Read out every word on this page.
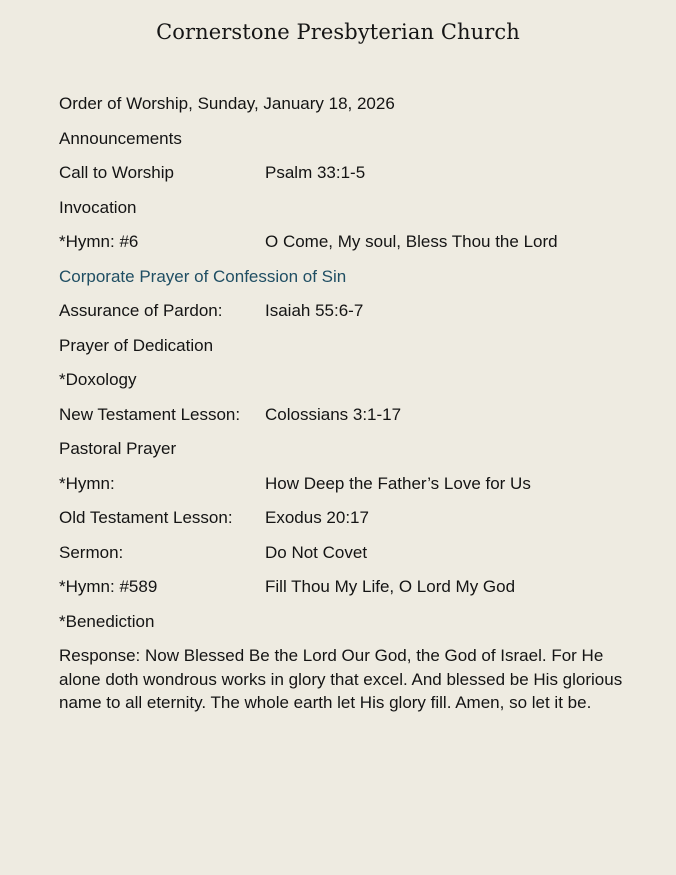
Cornerstone Presbyterian Church
Order of Worship, Sunday, January 18, 2026
Announcements
Call to Worship	Psalm 33:1-5
Invocation
*Hymn: #6	O Come, My soul, Bless Thou the Lord
Corporate Prayer of Confession of Sin
Assurance of Pardon:	Isaiah 55:6-7
Prayer of Dedication
*Doxology
New Testament Lesson: Colossians 3:1-17
Pastoral Prayer
*Hymn:	How Deep the Father’s Love for Us
Old Testament Lesson: Exodus 20:17
Sermon:	Do Not Covet
*Hymn: #589	Fill Thou My Life, O Lord My God
*Benediction
Response: Now Blessed Be the Lord Our God, the God of Israel. For He alone doth wondrous works in glory that excel. And blessed be His glorious name to all eternity. The whole earth let His glory fill. Amen, so let it be.
